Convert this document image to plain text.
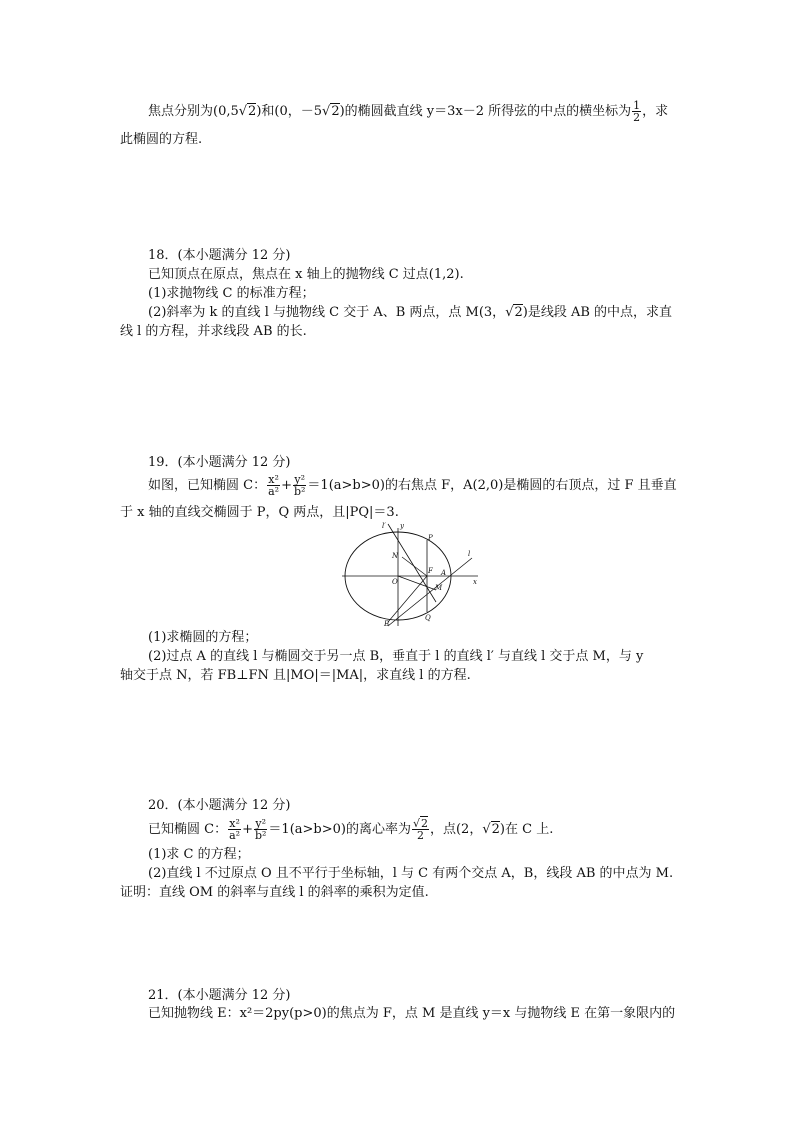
焦点分别为(0,5√2)和(0，－5√2)的椭圆截直线 y＝3x－2 所得弦的中点的横坐标为 $\frac{1}{2}$ ，求
此椭圆的方程.
18．(本小题满分 12 分)
已知顶点在原点，焦点在 x 轴上的抛物线 C 过点(1,2).
(1)求抛物线 C 的标准方程；
(2)斜率为 k 的直线 l 与抛物线 C 交于 A、B 两点，点 M(3，√2)是线段 AB 的中点，求直
线 l 的方程，并求线段 AB 的长.
19．(本小题满分 12 分)
如图，已知椭圆 C： $\frac{\text{x²}}{\text{a²}} + \frac{\text{y²}}{\text{b²}} =1(a>b>0)$的右焦点 F，A(2,0)是椭圆的右顶点，过 F 且垂直
于 x 轴的直线交椭圆于 P，Q 两点，且|PQ|＝3.
l′ y
P
l
N
O
F A
x
M
B
Q
(1)求椭圆的方程；
(2)过点 A 的直线 l 与椭圆交于另一点 B，垂直于 l 的直线 l′ 与直线 l 交于点 M，与 y
轴交于点 N，若 FB⊥FN 且|MO|＝|MA|，求直线 l 的方程.
20．(本小题满分 12 分)
已知椭圆 C： $\frac{\text{x²}}{\text{a²}} + \frac{\text{y²}}{\text{b²}} =1(a>b>0)$的离心率为 $\frac{√2}{2}$ ，点(2，√2)在 C 上.
(1)求 C 的方程；
(2)直线 l 不过原点 O 且不平行于坐标轴，l 与 C 有两个交点 A，B，线段 AB 的中点为 M.
证明：直线 OM 的斜率与直线 l 的斜率的乘积为定值.
21．(本小题满分 12 分)
已知抛物线 E：x²＝2py(p>0)的焦点为 F，点 M 是直线 y＝x 与抛物线 E 在第一象限内的
